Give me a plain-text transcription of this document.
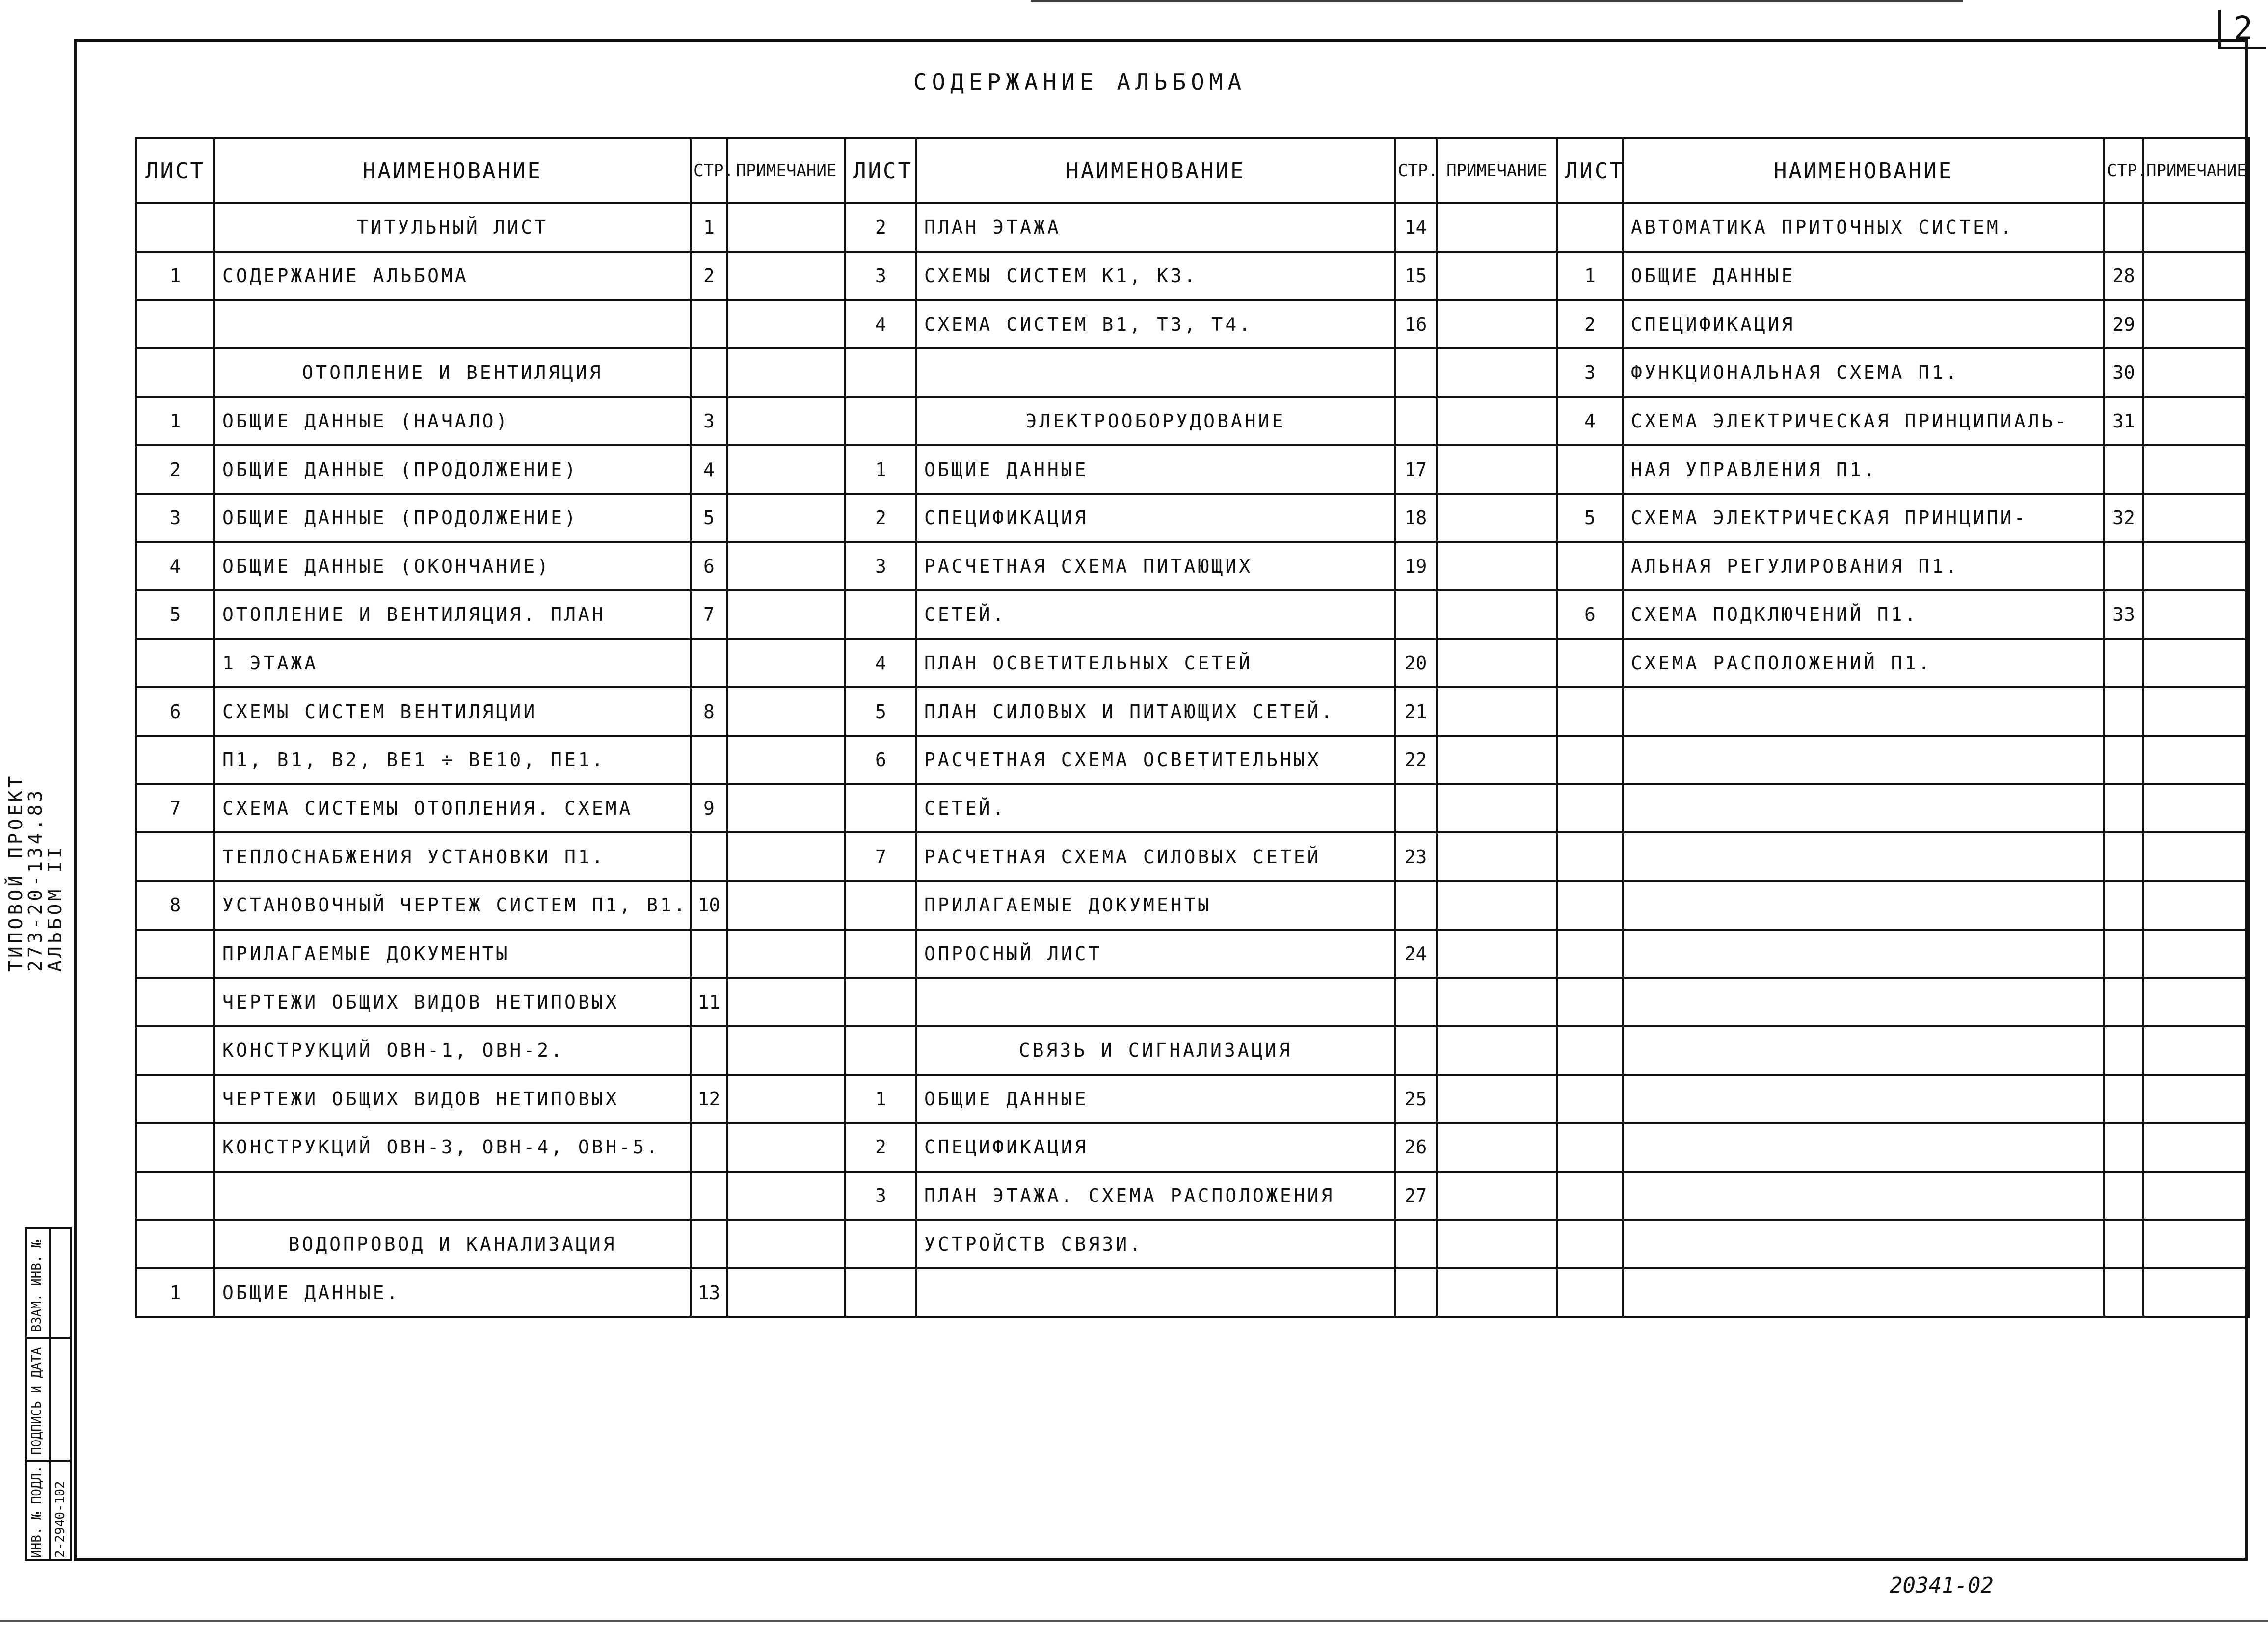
2
СОДЕРЖАНИЕ АЛЬБОМА
ЛИСТ	НАИМЕНОВАНИЕ	СТР.	ПРИМЕЧАНИЕ	ЛИСТ	НАИМЕНОВАНИЕ	СТР.	ПРИМЕЧАНИЕ	ЛИСТ	НАИМЕНОВАНИЕ	СТР.	ПРИМЕЧАНИЕ
	ТИТУЛЬНЫЙ ЛИСТ	1		2	ПЛАН ЭТАЖА	14			АВТОМАТИКА ПРИТОЧНЫХ СИСТЕМ.		
1	СОДЕРЖАНИЕ АЛЬБОМА	2		3	СХЕМЫ СИСТЕМ К1, К3.	15		1	ОБЩИЕ ДАННЫЕ	28	
				4	СХЕМА СИСТЕМ В1, Т3, Т4.	16		2	СПЕЦИФИКАЦИЯ	29	
	ОТОПЛЕНИЕ И ВЕНТИЛЯЦИЯ							3	ФУНКЦИОНАЛЬНАЯ СХЕМА П1.	30	
1	ОБЩИЕ ДАННЫЕ (НАЧАЛО)	3			ЭЛЕКТРООБОРУДОВАНИЕ			4	СХЕМА ЭЛЕКТРИЧЕСКАЯ ПРИНЦИПИАЛЬ-	31	
2	ОБЩИЕ ДАННЫЕ (ПРОДОЛЖЕНИЕ)	4		1	ОБЩИЕ ДАННЫЕ	17			НАЯ УПРАВЛЕНИЯ П1.		
3	ОБЩИЕ ДАННЫЕ (ПРОДОЛЖЕНИЕ)	5		2	СПЕЦИФИКАЦИЯ	18		5	СХЕМА ЭЛЕКТРИЧЕСКАЯ ПРИНЦИПИ-	32	
4	ОБЩИЕ ДАННЫЕ (ОКОНЧАНИЕ)	6		3	РАСЧЕТНАЯ СХЕМА ПИТАЮЩИХ	19			АЛЬНАЯ РЕГУЛИРОВАНИЯ П1.		
5	ОТОПЛЕНИЕ И ВЕНТИЛЯЦИЯ. ПЛАН	7			СЕТЕЙ.			6	СХЕМА ПОДКЛЮЧЕНИЙ П1.	33	
	1 ЭТАЖА			4	ПЛАН ОСВЕТИТЕЛЬНЫХ СЕТЕЙ	20			СХЕМА РАСПОЛОЖЕНИЙ П1.		
6	СХЕМЫ СИСТЕМ ВЕНТИЛЯЦИИ	8		5	ПЛАН СИЛОВЫХ И ПИТАЮЩИХ СЕТЕЙ.	21					
	П1, В1, В2, ВЕ1 ÷ ВЕ10, ПЕ1.			6	РАСЧЕТНАЯ СХЕМА ОСВЕТИТЕЛЬНЫХ	22					
7	СХЕМА СИСТЕМЫ ОТОПЛЕНИЯ. СХЕМА	9			СЕТЕЙ.						
	ТЕПЛОСНАБЖЕНИЯ УСТАНОВКИ П1.			7	РАСЧЕТНАЯ СХЕМА СИЛОВЫХ СЕТЕЙ	23					
8	УСТАНОВОЧНЫЙ ЧЕРТЕЖ СИСТЕМ П1, В1.	10			ПРИЛАГАЕМЫЕ ДОКУМЕНТЫ						
	ПРИЛАГАЕМЫЕ ДОКУМЕНТЫ				ОПРОСНЫЙ ЛИСТ	24					
	ЧЕРТЕЖИ ОБЩИХ ВИДОВ НЕТИПОВЫХ	11									
	КОНСТРУКЦИЙ ОВН-1, ОВН-2.				СВЯЗЬ И СИГНАЛИЗАЦИЯ						
	ЧЕРТЕЖИ ОБЩИХ ВИДОВ НЕТИПОВЫХ	12		1	ОБЩИЕ ДАННЫЕ	25					
	КОНСТРУКЦИЙ ОВН-3, ОВН-4, ОВН-5.			2	СПЕЦИФИКАЦИЯ	26					
				3	ПЛАН ЭТАЖА. СХЕМА РАСПОЛОЖЕНИЯ	27					
	ВОДОПРОВОД И КАНАЛИЗАЦИЯ				УСТРОЙСТВ СВЯЗИ.						
1	ОБЩИЕ ДАННЫЕ.	13									
ТИПОВОЙ ПРОЕКТ
273-20-134.83
АЛЬБОМ II
ВЗАМ. ИНВ. №
ПОДПИСЬ И ДАТА
ИНВ. № ПОДЛ. 2-2940-102
20341-02
